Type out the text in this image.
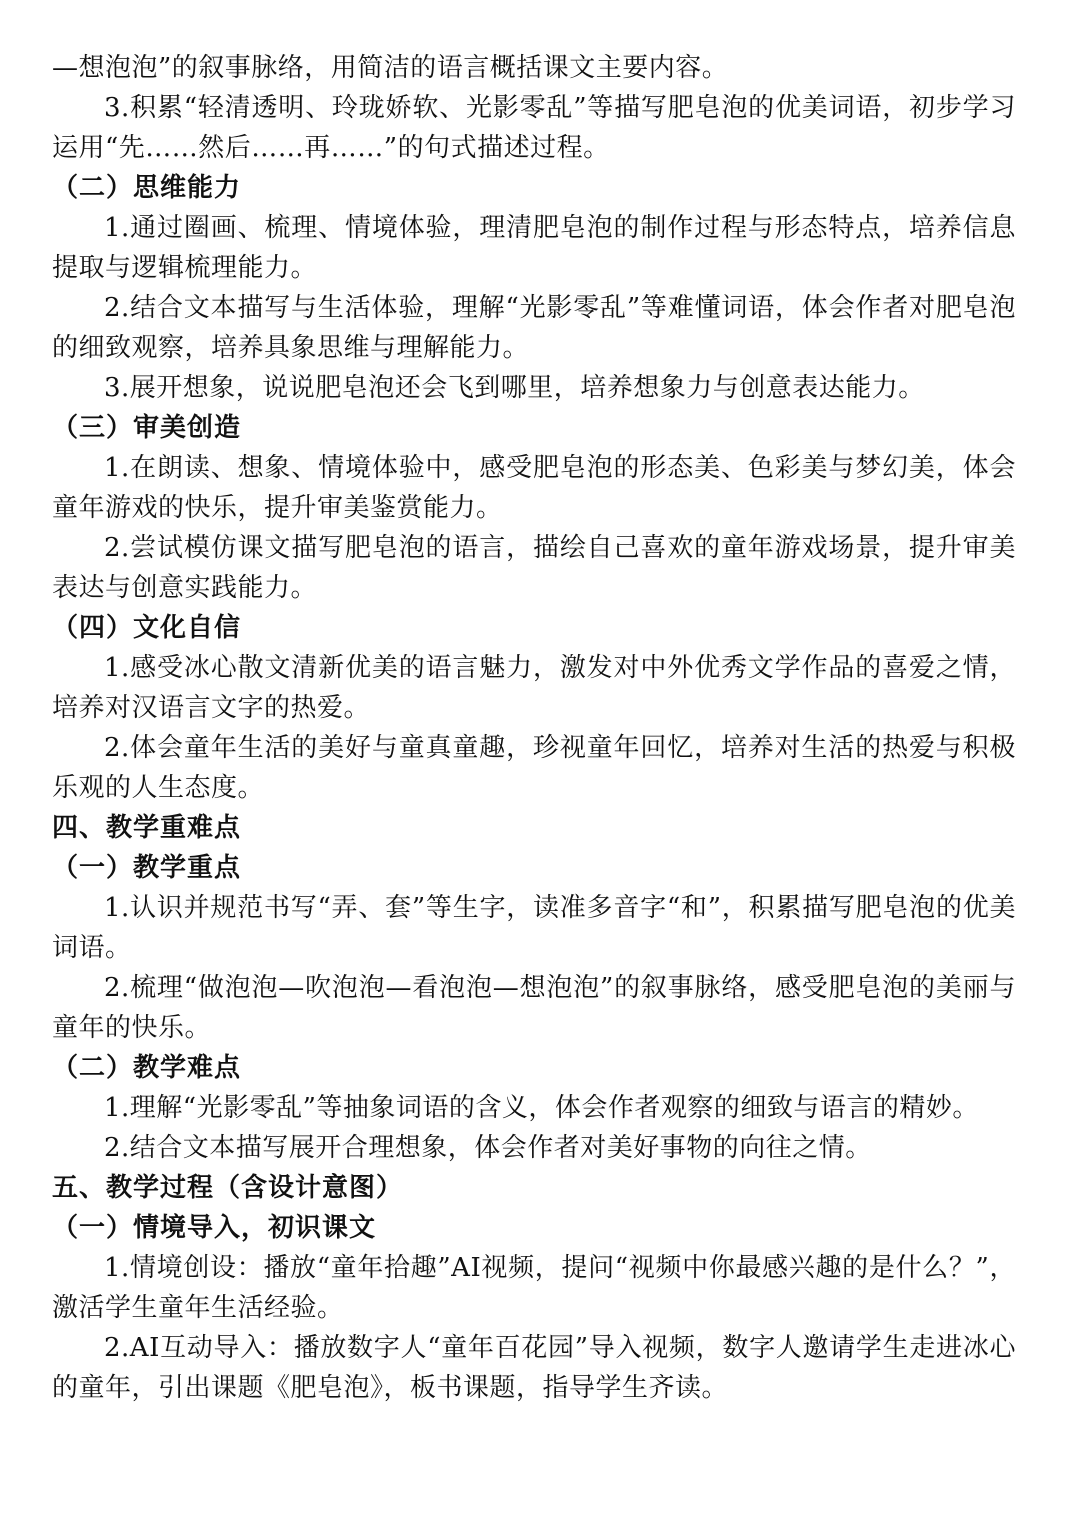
—想泡泡”的叙事脉络，用简洁的语言概括课文主要内容。

3.积累“轻清透明、玲珑娇软、光影零乱”等描写肥皂泡的优美词语，初步学习运用“先……然后……再……”的句式描述过程。

（二）思维能力

1.通过圈画、梳理、情境体验，理清肥皂泡的制作过程与形态特点，培养信息提取与逻辑梳理能力。

2.结合文本描写与生活体验，理解“光影零乱”等难懂词语，体会作者对肥皂泡的细致观察，培养具象思维与理解能力。

3.展开想象，说说肥皂泡还会飞到哪里，培养想象力与创意表达能力。

（三）审美创造

1.在朗读、想象、情境体验中，感受肥皂泡的形态美、色彩美与梦幻美，体会童年游戏的快乐，提升审美鉴赏能力。

2.尝试模仿课文描写肥皂泡的语言，描绘自己喜欢的童年游戏场景，提升审美表达与创意实践能力。

（四）文化自信

1.感受冰心散文清新优美的语言魅力，激发对中外优秀文学作品的喜爱之情，培养对汉语言文字的热爱。

2.体会童年生活的美好与童真童趣，珍视童年回忆，培养对生活的热爱与积极乐观的人生态度。

四、教学重难点
（一）教学重点

1.认识并规范书写“弄、套”等生字，读准多音字“和”，积累描写肥皂泡的优美词语。

2.梳理“做泡泡—吹泡泡—看泡泡—想泡泡”的叙事脉络，感受肥皂泡的美丽与童年的快乐。

（二）教学难点

1.理解“光影零乱”等抽象词语的含义，体会作者观察的细致与语言的精妙。

2.结合文本描写展开合理想象，体会作者对美好事物的向往之情。

五、教学过程（含设计意图）
（一）情境导入，初识课文

1.情境创设：播放“童年拾趣”AI视频，提问“视频中你最感兴趣的是什么？”，激活学生童年生活经验。

2.AI互动导入：播放数字人“童年百花园”导入视频，数字人邀请学生走进冰心的童年，引出课题《肥皂泡》，板书课题，指导学生齐读。
